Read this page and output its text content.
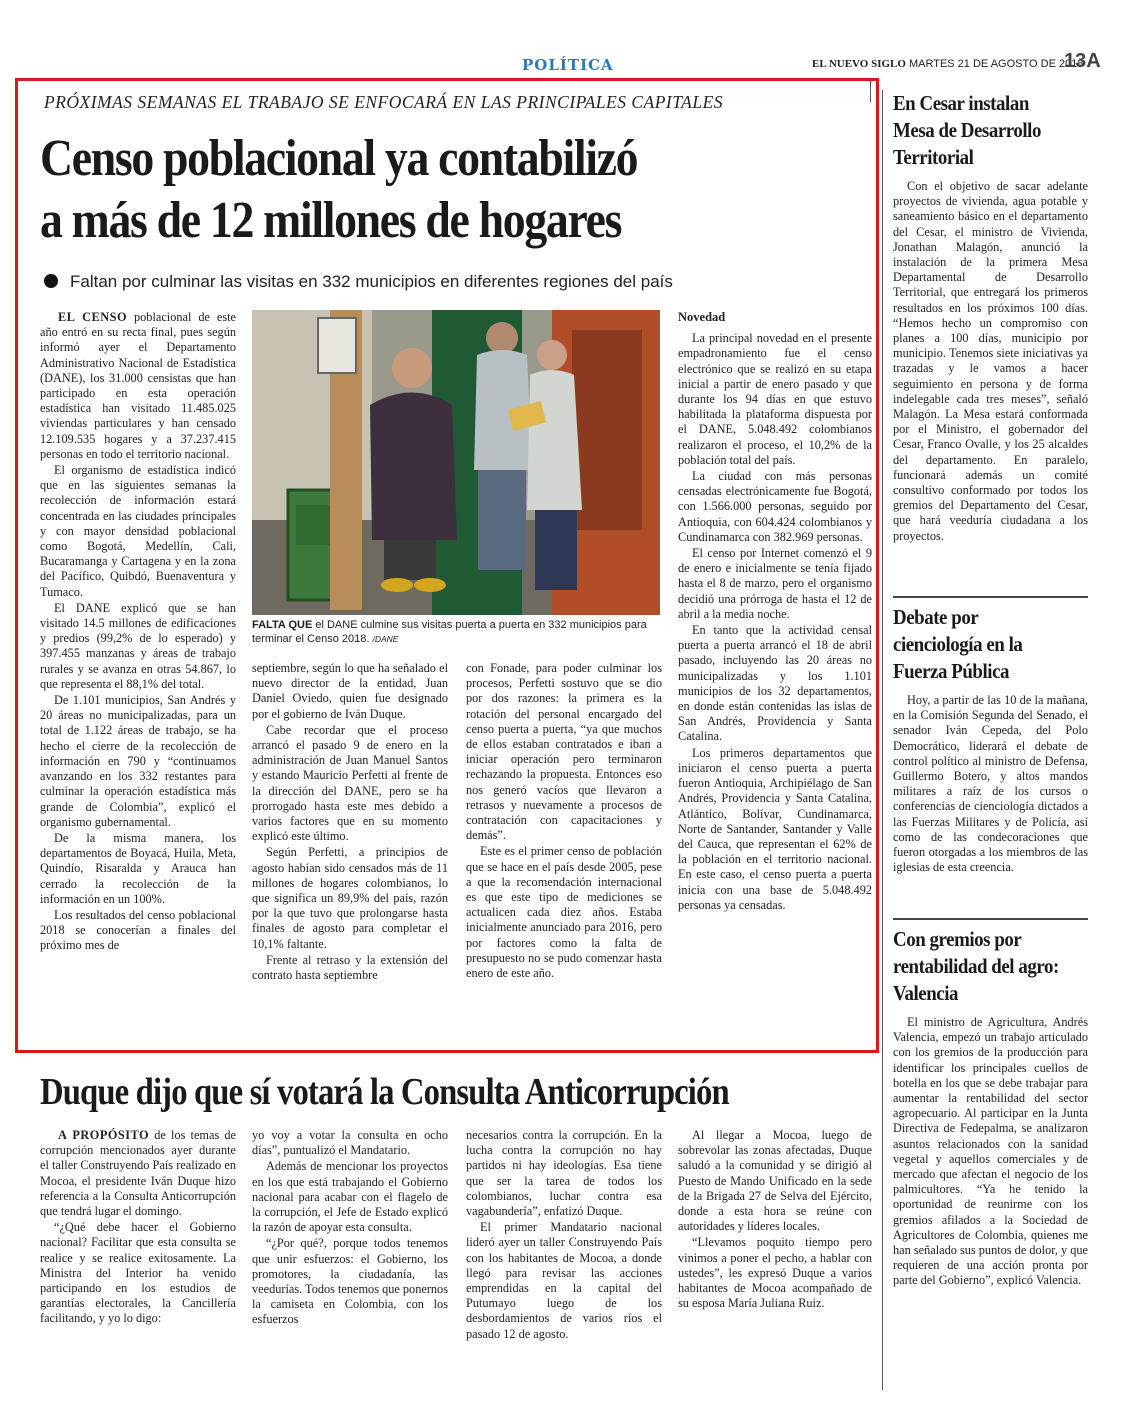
POLÍTICA	EL NUEVO SIGLO MARTES 21 DE AGOSTO DE 2018
13A
PRÓXIMAS SEMANAS EL TRABAJO SE ENFOCARÁ EN LAS PRINCIPALES CAPITALES
Censo poblacional ya contabilizó
a más de 12 millones de hogares
Faltan por culminar las visitas en 332 municipios en diferentes regiones del país

EL CENSO poblacional de este año entró en su recta final, pues según informó ayer el Departamento Administrativo Nacional de Estadística (DANE), los 31.000 censistas que han participado en esta operación estadística han visitado 11.485.025 viviendas particulares y han censado 12.109.535 hogares y a 37.237.415 personas en todo el territorio nacional.

El organismo de estadística indicó que en las siguientes semanas la recolección de información estará concentrada en las ciudades principales y con mayor densidad poblacional como Bogotá, Medellín, Cali, Bucaramanga y Cartagena y en la zona del Pacífico, Quibdó, Buenaventura y Tumaco.

El DANE explicó que se han visitado 14.5 millones de edificaciones y predios (99,2% de lo esperado) y 397.455 manzanas y áreas de trabajo rurales y se avanza en otras 54.867, lo que representa el 88,1% del total.

De 1.101 municipios, San Andrés y 20 áreas no municipalizadas, para un total de 1.122 áreas de trabajo, se ha hecho el cierre de la recolección de información en 790 y “continuamos avanzando en los 332 restantes para culminar la operación estadística más grande de Colombia”, explicó el organismo gubernamental.

De la misma manera, los departamentos de Boyacá, Huila, Meta, Quindío, Risaralda y Arauca han cerrado la recolección de la información en un 100%.

Los resultados del censo poblacional 2018 se conocerían a finales del próximo mes de

FALTA QUE el DANE culmine sus visitas puerta a puerta en 332 municipios para terminar el Censo 2018. /DANE

septiembre, según lo que ha señalado el nuevo director de la entidad, Juan Daniel Oviedo, quien fue designado por el gobierno de Iván Duque.

Cabe recordar que el proceso arrancó el pasado 9 de enero en la administración de Juan Manuel Santos y estando Mauricio Perfetti al frente de la dirección del DANE, pero se ha prorrogado hasta este mes debido a varios factores que en su momento explicó este último.

Según Perfetti, a principios de agosto habían sido censados más de 11 millones de hogares colombianos, lo que significa un 89,9% del país, razón por la que tuvo que prolongarse hasta finales de agosto para completar el 10,1% faltante.

Frente al retraso y la extensión del contrato hasta septiembre

con Fonade, para poder culminar los procesos, Perfetti sostuvo que se dio por dos razones: la primera es la rotación del personal encargado del censo puerta a puerta, “ya que muchos de ellos estaban contratados e iban a iniciar operación pero terminaron rechazando la propuesta. Entonces eso nos generó vacíos que llevaron a retrasos y nuevamente a procesos de contratación con capacitaciones y demás”.

Este es el primer censo de población que se hace en el país desde 2005, pese a que la recomendación internacional es que este tipo de mediciones se actualicen cada diez años. Estaba inicialmente anunciado para 2016, pero por factores como la falta de presupuesto no se pudo comenzar hasta enero de este año.

Novedad

La principal novedad en el presente empadronamiento fue el censo electrónico que se realizó en su etapa inicial a partir de enero pasado y que durante los 94 días en que estuvo habilitada la plataforma dispuesta por el DANE, 5.048.492 colombianos realizaron el proceso, el 10,2% de la población total del país.

La ciudad con más personas censadas electrónicamente fue Bogotá, con 1.566.000 personas, seguido por Antioquia, con 604.424 colombianos y Cundinamarca con 382.969 personas.

El censo por Internet comenzó el 9 de enero e inicialmente se tenía fijado hasta el 8 de marzo, pero el organismo decidió una prórroga de hasta el 12 de abril a la media noche.

En tanto que la actividad censal puerta a puerta arrancó el 18 de abril pasado, incluyendo las 20 áreas no municipalizadas y los 1.101 municipios de los 32 departamentos, en donde están contenidas las islas de San Andrés, Providencia y Santa Catalina.

Los primeros departamentos que iniciaron el censo puerta a puerta fueron Antioquia, Archipiélago de San Andrés, Providencia y Santa Catalina, Atlántico, Bolívar, Cundinamarca, Norte de Santander, Santander y Valle del Cauca, que representan el 62% de la población en el territorio nacional. En este caso, el censo puerta a puerta inicia con una base de 5.048.492 personas ya censadas.

En Cesar instalan Mesa de Desarrollo Territorial

Con el objetivo de sacar adelante proyectos de vivienda, agua potable y saneamiento básico en el departamento del Cesar, el ministro de Vivienda, Jonathan Malagón, anunció la instalación de la primera Mesa Departamental de Desarrollo Territorial, que entregará los primeros resultados en los próximos 100 días. “Hemos hecho un compromiso con planes a 100 días, municipio por municipio. Tenemos siete iniciativas ya trazadas y le vamos a hacer seguimiento en persona y de forma indelegable cada tres meses”, señaló Malagón. La Mesa estará conformada por el Ministro, el gobernador del Cesar, Franco Ovalle, y los 25 alcaldes del departamento. En paralelo, funcionará además un comité consultivo conformado por todos los gremios del Departamento del Cesar, que hará veeduría ciudadana a los proyectos.

Debate por cienciología en la Fuerza Pública

Hoy, a partir de las 10 de la mañana, en la Comisión Segunda del Senado, el senador Iván Cepeda, del Polo Democrático, liderará el debate de control político al ministro de Defensa, Guillermo Botero, y altos mandos militares a raíz de los cursos o conferencias de cienciología dictados a las Fuerzas Militares y de Policía, así como de las condecoraciones que fueron otorgadas a los miembros de las iglesias de esta creencia.

Con gremios por rentabilidad del agro: Valencia

El ministro de Agricultura, Andrés Valencia, empezó un trabajo articulado con los gremios de la producción para identificar los principales cuellos de botella en los que se debe trabajar para aumentar la rentabilidad del sector agropecuario. Al participar en la Junta Directiva de Fedepalma, se analizaron asuntos relacionados con la sanidad vegetal y aquellos comerciales y de mercado que afectan el negocio de los palmicultores. “Ya he tenido la oportunidad de reunirme con los gremios afilados a la Sociedad de Agricultores de Colombia, quienes me han señalado sus puntos de dolor, y que requieren de una acción pronta por parte del Gobierno”, explicó Valencia.

Duque dijo que sí votará la Consulta Anticorrupción

A PROPÓSITO de los temas de corrupción mencionados ayer durante el taller Construyendo País realizado en Mocoa, el presidente Iván Duque hizo referencia a la Consulta Anticorrupción que tendrá lugar el domingo.

“¿Qué debe hacer el Gobierno nacional? Facilitar que esta consulta se realice y se realice exitosamente. La Ministra del Interior ha venido participando en los estudios de garantías electorales, la Cancillería facilitando, y yo lo digo:

yo voy a votar la consulta en ocho días”, puntualizó el Mandatario.

Además de mencionar los proyectos en los que está trabajando el Gobierno nacional para acabar con el flagelo de la corrupción, el Jefe de Estado explicó la razón de apoyar esta consulta.

“¿Por qué?, porque todos tenemos que unir esfuerzos: el Gobierno, los promotores, la ciudadanía, las veedurías. Todos tenemos que ponernos la camiseta en Colombia, con los esfuerzos

necesarios contra la corrupción. En la lucha contra la corrupción no hay partidos ni hay ideologías. Esa tiene que ser la tarea de todos los colombianos, luchar contra esa vagabundería”, enfatizó Duque.

El primer Mandatario nacional lideró ayer un taller Construyendo País con los habitantes de Mocoa, a donde llegó para revisar las acciones emprendidas en la capital del Putumayo luego de los desbordamientos de varios ríos el pasado 12 de agosto.

Al llegar a Mocoa, luego de sobrevolar las zonas afectadas, Duque saludó a la comunidad y se dirigió al Puesto de Mando Unificado en la sede de la Brigada 27 de Selva del Ejército, donde a esta hora se reúne con autoridades y líderes locales.

“Llevamos poquito tiempo pero vinimos a poner el pecho, a hablar con ustedes”, les expresó Duque a varios habitantes de Mocoa acompañado de su esposa María Juliana Ruiz.
